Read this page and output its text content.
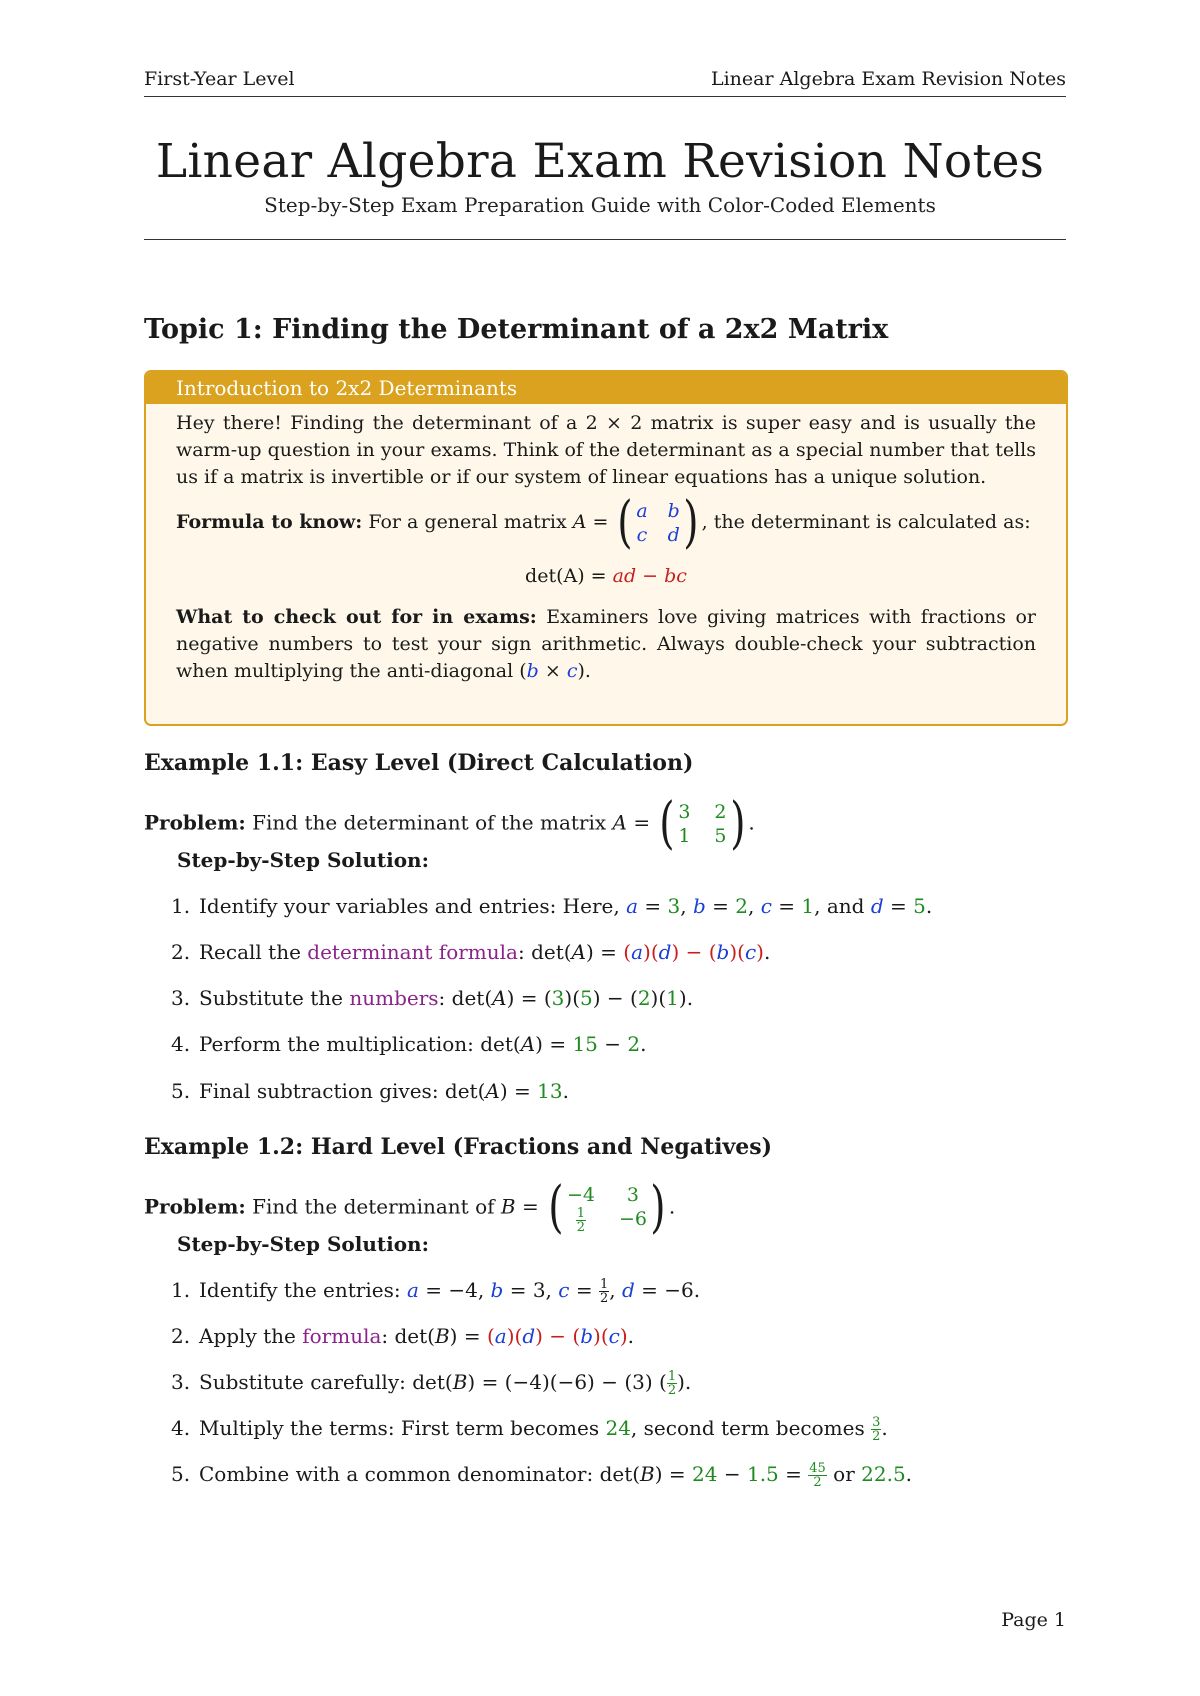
First-Year Level	Linear Algebra Exam Revision Notes
Linear Algebra Exam Revision Notes
Step-by-Step Exam Preparation Guide with Color-Coded Elements
Topic 1: Finding the Determinant of a 2x2 Matrix
Introduction to 2x2 Determinants

Hey there! Finding the determinant of a 2 × 2 matrix is super easy and is usually the warm-up question in your exams. Think of the determinant as a special number that tells us if a matrix is invertible or if our system of linear equations has a unique solution.

Formula to know: For a general matrix A = ( a b
c d ) , the determinant is calculated as:

det(A) = ad − bc

What to check out for in exams: Examiners love giving matrices with fractions or negative numbers to test your sign arithmetic. Always double-check your subtraction when multiplying the anti-diagonal (b × c).

Example 1.1: Easy Level (Direct Calculation)
Problem: Find the determinant of the matrix A = ( 3 2
1 5 ) .
Step-by-Step Solution:
1. Identify your variables and entries: Here, a = 3, b = 2, c = 1, and d = 5.
2. Recall the determinant formula: det(A) = (a)(d) − (b)(c).
3. Substitute the numbers: det(A) = (3)(5) − (2)(1).
4. Perform the multiplication: det(A) = 15 − 2.
5. Final subtraction gives: det(A) = 13.
Example 1.2: Hard Level (Fractions and Negatives)
Problem: Find the determinant of B = ( −4	3
$\frac{1}{2} -6$ ) .
Step-by-Step Solution:
1. Identify the entries: a = −4, b = 3, $c = \frac{1}{2}$ , d = −6.
2. Apply the formula: det(B) = (a)(d) − (b)(c).
3. Substitute carefully: det(B) = (−4)(−6) − (3) ( $\frac{1}{2}$ ).
4. Multiply the terms: First term becomes 24, second term becomes $\frac{3}{2}$ .
5. Combine with a common denominator: $\det(B) = 24 - 1.5 = \frac{45}{2}$ or 22.5.
Page 1
